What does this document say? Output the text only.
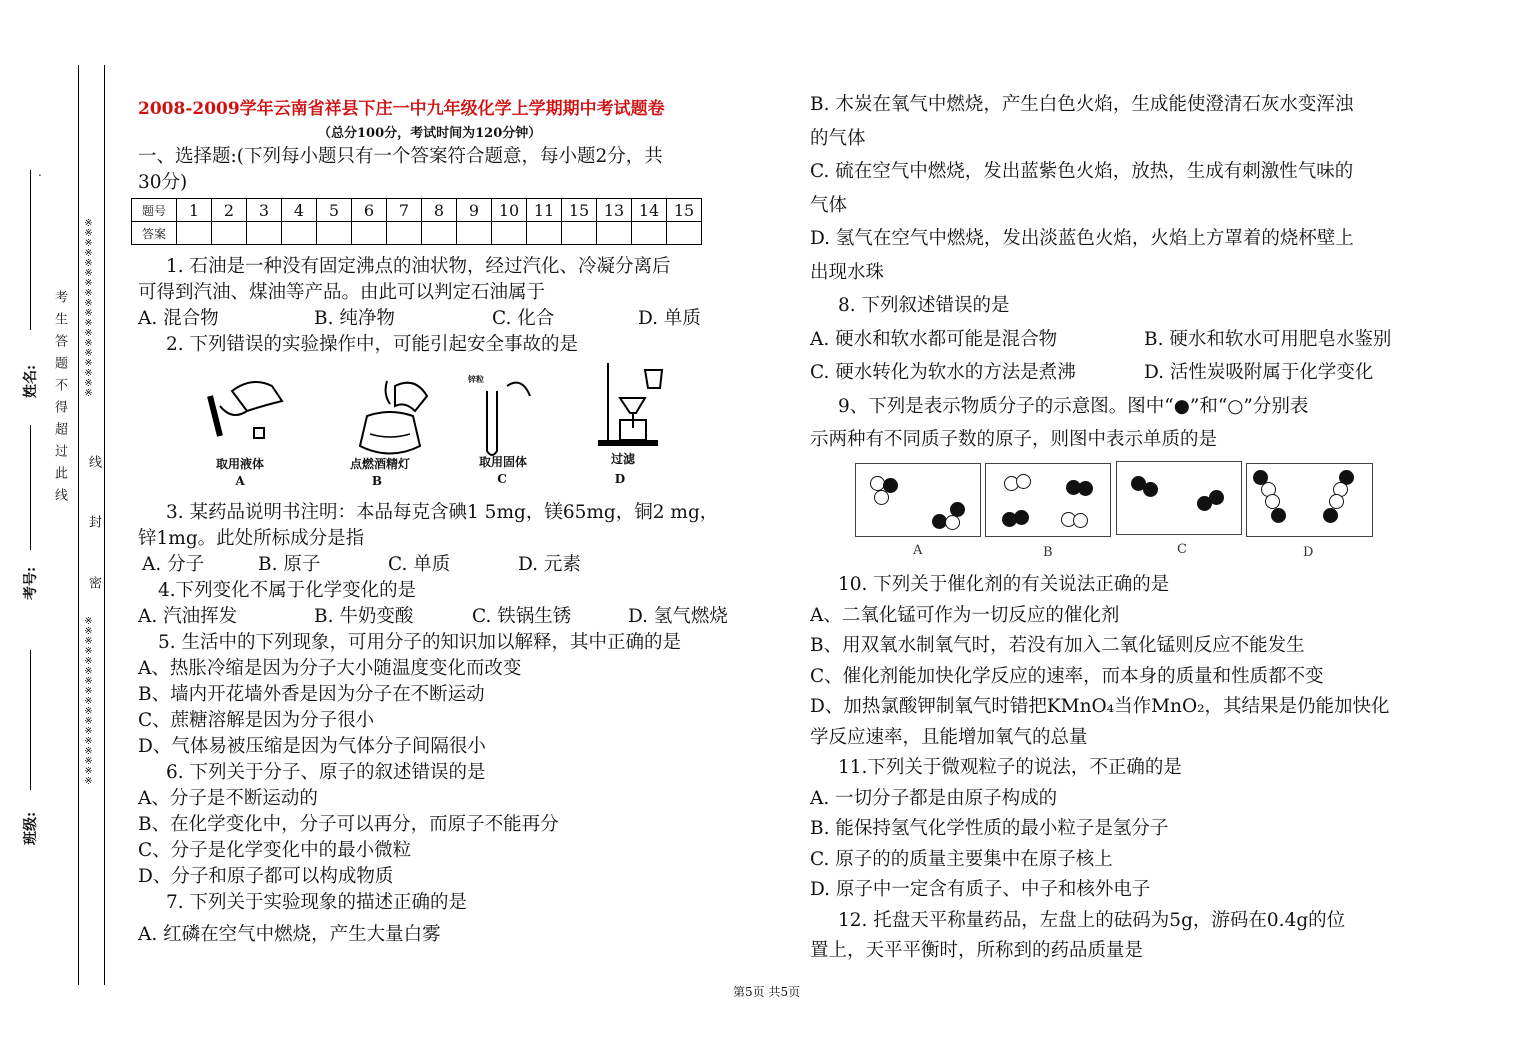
考生答题不得超过此线
姓名:
考号:
班级:
※※※※※※※※※※※※※※※※※※
线
封
密
※※※※※※※※※※※※※※※※※
.
2008-2009学年云南省祥县下庄一中九年级化学上学期期中考试题卷
（总分100分，考试时间为120分钟）
一、选择题:(下列每小题只有一个答案符合题意，每小题2分，共
30分)
题号	1	2	3	4	5	6	7	8	9	10	11	15	13	14	15
答案															
1. 石油是一种没有固定沸点的油状物，经过汽化、冷凝分离后
可得到汽油、煤油等产品。由此可以判定石油属于
A. 混合物	B. 纯净物	C. 化合	D. 单质
2. 下列错误的实验操作中，可能引起安全事故的是
取用液体
A
点燃酒精灯
B
取用固体
C
过滤
D
锌粒
3. 某药品说明书注明：本品每克含碘1 5mg，镁65mg，铜2 mg，
锌1mg。此处所标成分是指
A. 分子	B. 原子	C. 单质	D. 元素
4.下列变化不属于化学变化的是
A. 汽油挥发	B. 牛奶变酸	C. 铁锅生锈	D. 氢气燃烧
5. 生活中的下列现象，可用分子的知识加以解释，其中正确的是
A、热胀冷缩是因为分子大小随温度变化而改变
B、墙内开花墙外香是因为分子在不断运动
C、蔗糖溶解是因为分子很小
D、气体易被压缩是因为气体分子间隔很小
6. 下列关于分子、原子的叙述错误的是
A、分子是不断运动的
B、在化学变化中，分子可以再分，而原子不能再分
C、分子是化学变化中的最小微粒
D、分子和原子都可以构成物质
7. 下列关于实验现象的描述正确的是
A. 红磷在空气中燃烧，产生大量白雾
B. 木炭在氧气中燃烧，产生白色火焰，生成能使澄清石灰水变浑浊
的气体
C. 硫在空气中燃烧，发出蓝紫色火焰，放热，生成有刺激性气味的
气体
D. 氢气在空气中燃烧，发出淡蓝色火焰，火焰上方罩着的烧杯壁上
出现水珠
8. 下列叙述错误的是
A. 硬水和软水都可能是混合物	B. 硬水和软水可用肥皂水鉴别
C. 硬水转化为软水的方法是煮沸	D. 活性炭吸附属于化学变化
9、下列是表示物质分子的示意图。图中“●”和“○”分别表
示两种有不同质子数的原子，则图中表示单质的是
A	B	C	D
10. 下列关于催化剂的有关说法正确的是
A、二氧化锰可作为一切反应的催化剂
B、用双氧水制氧气时，若没有加入二氧化锰则反应不能发生
C、催化剂能加快化学反应的速率，而本身的质量和性质都不变
D、加热氯酸钾制氧气时错把KMnO₄当作MnO₂，其结果是仍能加快化
学反应速率，且能增加氧气的总量
11.下列关于微观粒子的说法，不正确的是
A. 一切分子都是由原子构成的
B. 能保持氢气化学性质的最小粒子是氢分子
C. 原子的的质量主要集中在原子核上
D. 原子中一定含有质子、中子和核外电子
12. 托盘天平称量药品，左盘上的砝码为5g，游码在0.4g的位
置上，天平平衡时，所称到的药品质量是
第5页 共5页
